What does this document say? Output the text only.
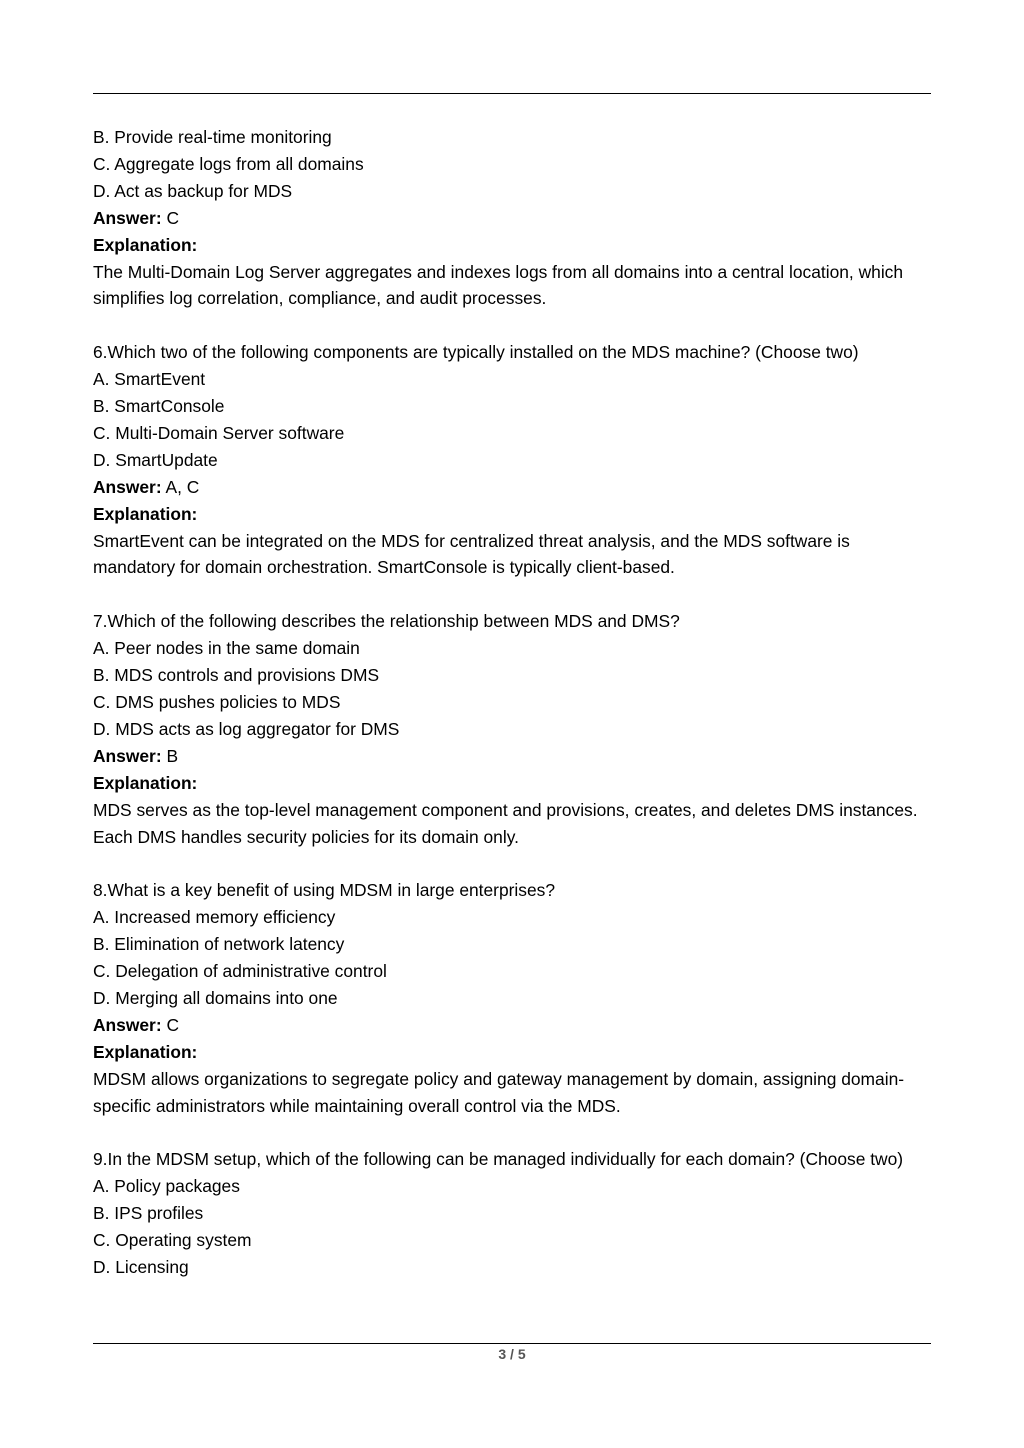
B. Provide real-time monitoring
C. Aggregate logs from all domains
D. Act as backup for MDS
Answer: C
Explanation:
The Multi-Domain Log Server aggregates and indexes logs from all domains into a central location, which simplifies log correlation, compliance, and audit processes.
6.Which two of the following components are typically installed on the MDS machine? (Choose two)
A. SmartEvent
B. SmartConsole
C. Multi-Domain Server software
D. SmartUpdate
Answer: A, C
Explanation:
SmartEvent can be integrated on the MDS for centralized threat analysis, and the MDS software is mandatory for domain orchestration. SmartConsole is typically client-based.
7.Which of the following describes the relationship between MDS and DMS?
A. Peer nodes in the same domain
B. MDS controls and provisions DMS
C. DMS pushes policies to MDS
D. MDS acts as log aggregator for DMS
Answer: B
Explanation:
MDS serves as the top-level management component and provisions, creates, and deletes DMS instances.
Each DMS handles security policies for its domain only.
8.What is a key benefit of using MDSM in large enterprises?
A. Increased memory efficiency
B. Elimination of network latency
C. Delegation of administrative control
D. Merging all domains into one
Answer: C
Explanation:
MDSM allows organizations to segregate policy and gateway management by domain, assigning domain-specific administrators while maintaining overall control via the MDS.
9.In the MDSM setup, which of the following can be managed individually for each domain? (Choose two)
A. Policy packages
B. IPS profiles
C. Operating system
D. Licensing
3 / 5
